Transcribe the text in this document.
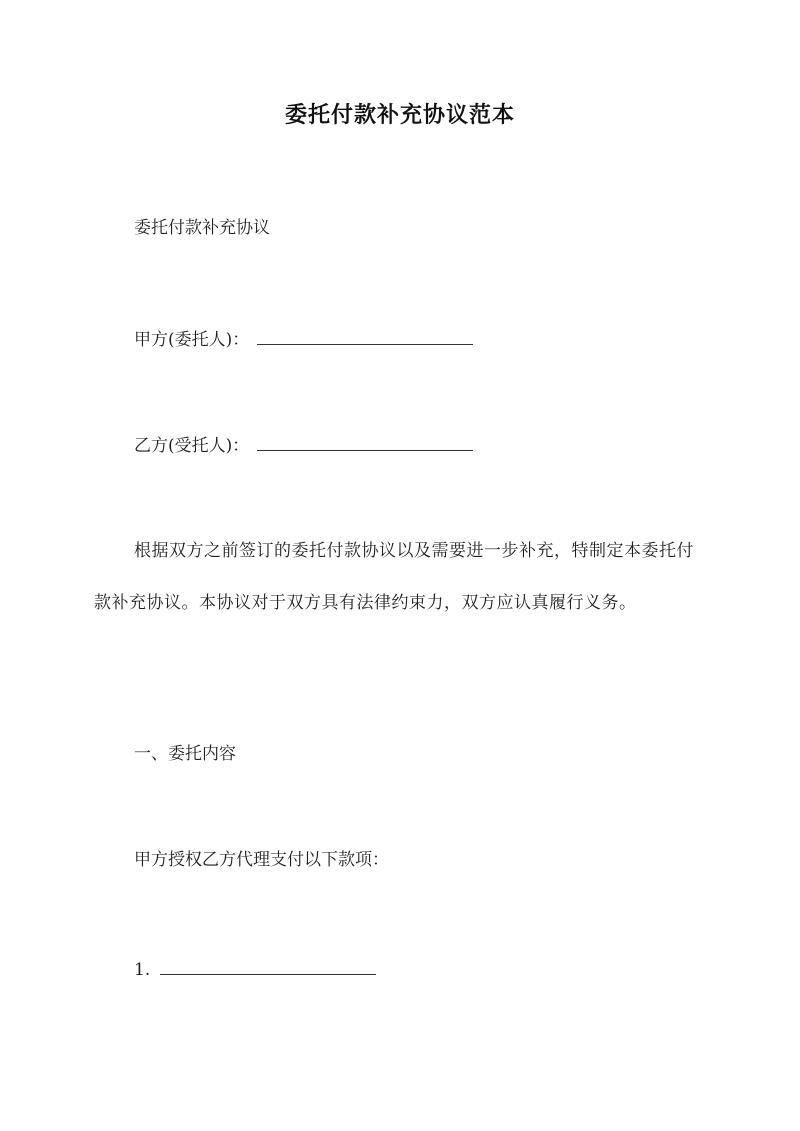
委托付款补充协议范本
委托付款补充协议
甲方(委托人)：
乙方(受托人)：
根据双方之前签订的委托付款协议以及需要进一步补充，特制定本委托付款补充协议。本协议对于双方具有法律约束力，双方应认真履行义务。
一、委托内容
甲方授权乙方代理支付以下款项：
1.
